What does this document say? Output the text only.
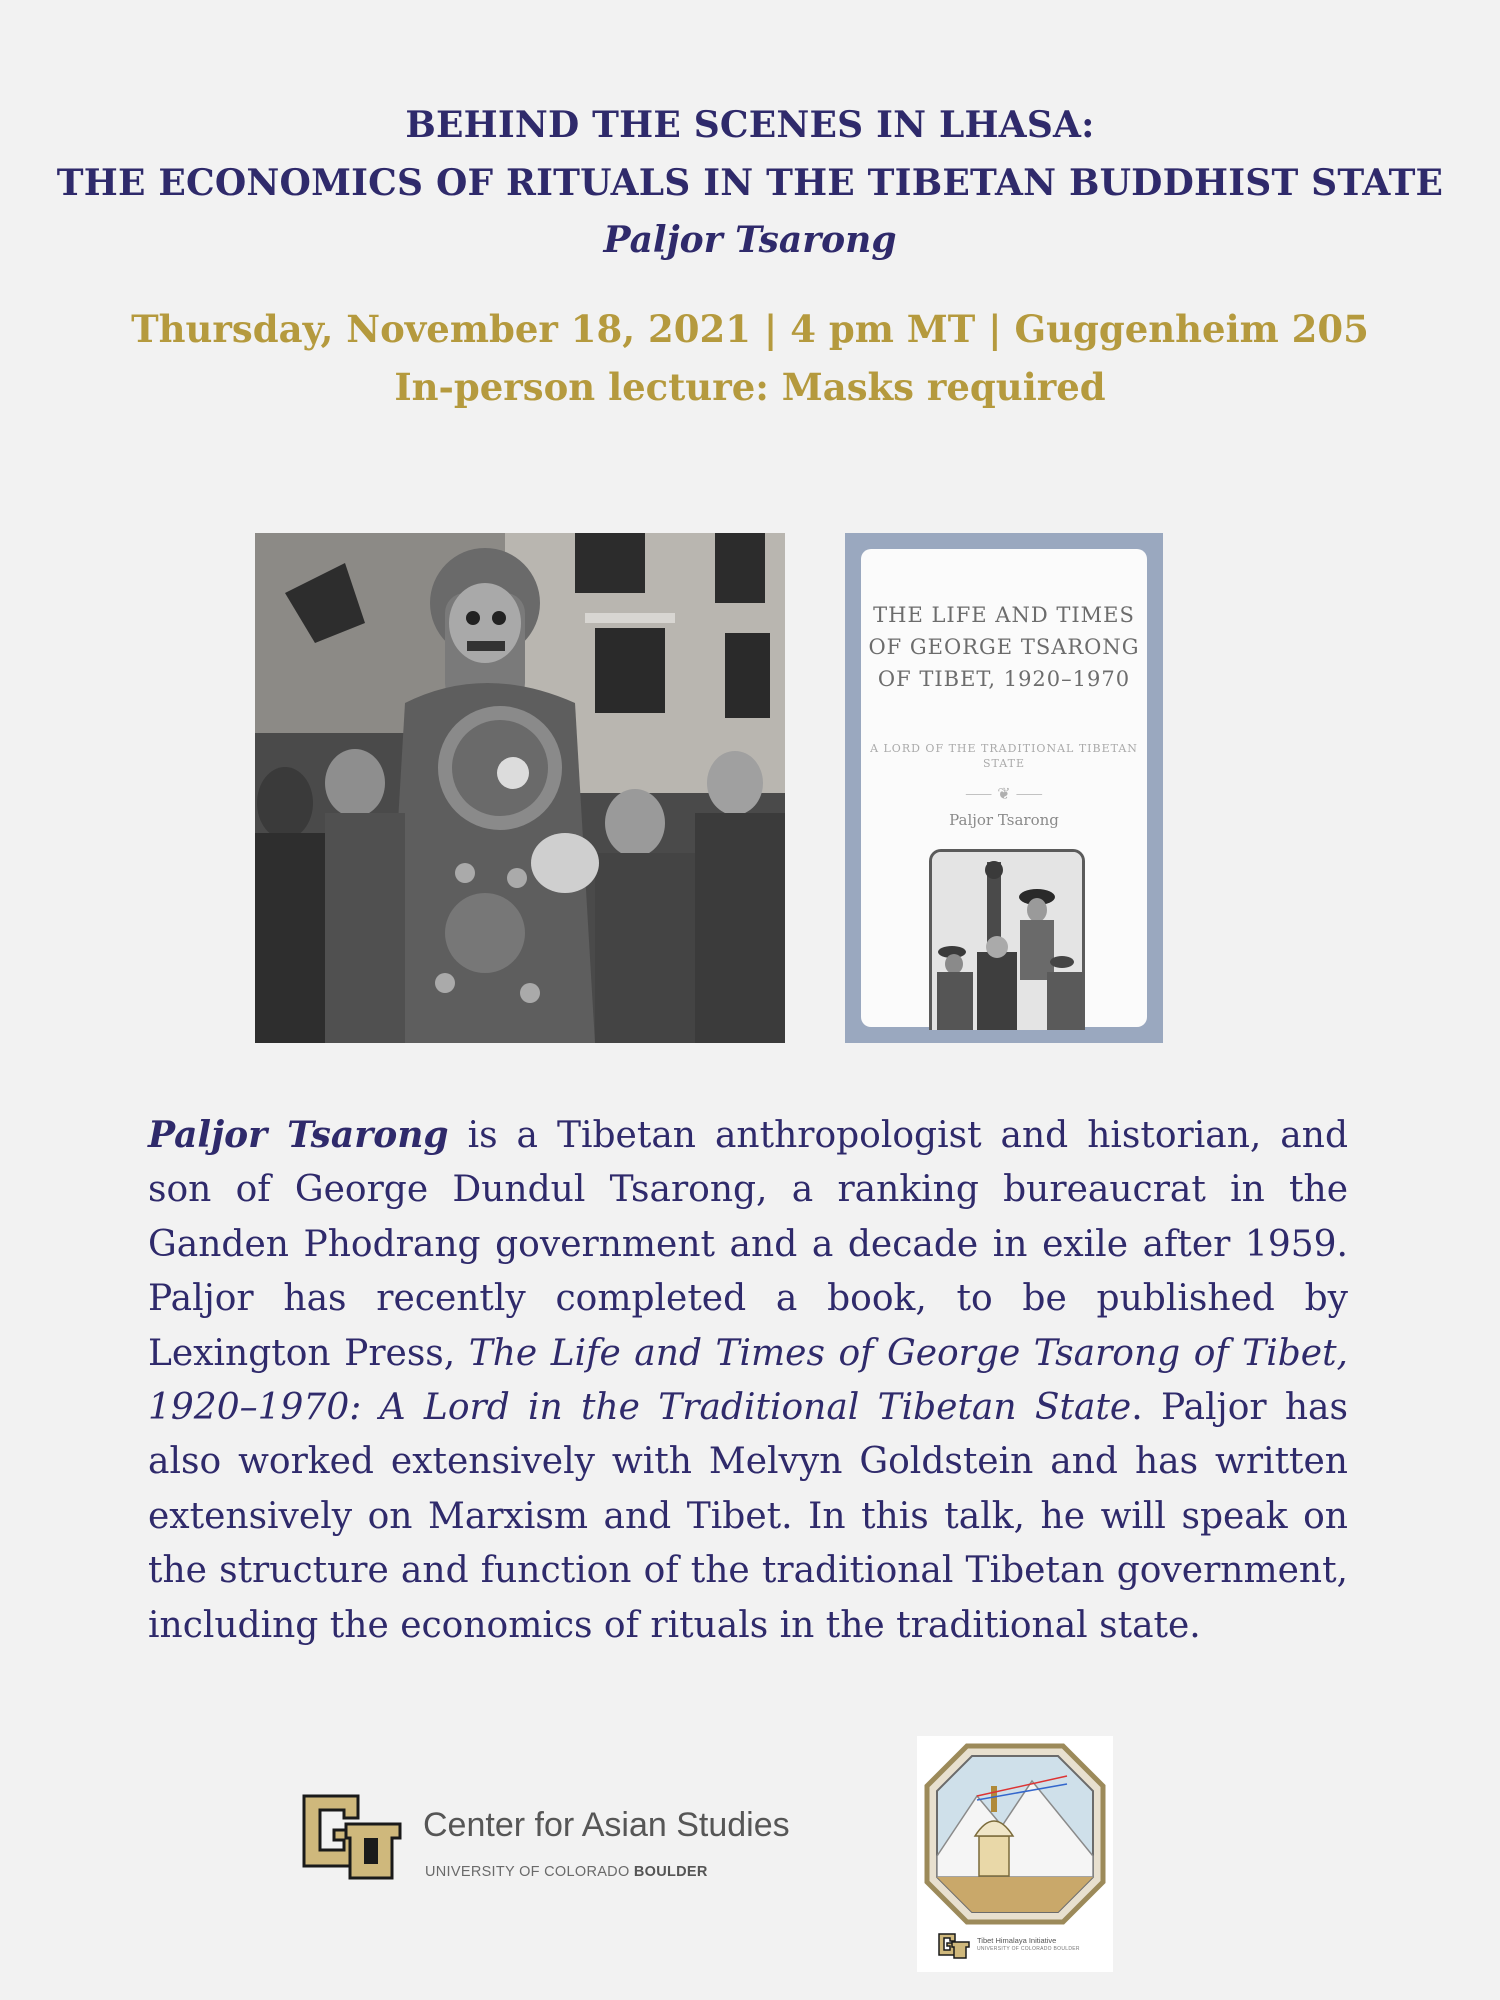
BEHIND THE SCENES IN LHASA:
THE ECONOMICS OF RITUALS IN THE TIBETAN BUDDHIST STATE
Paljor Tsarong
Thursday, November 18, 2021 | 4 pm MT | Guggenheim 205
In-person lecture: Masks required
THE LIFE AND TIMES OF GEORGE TSARONG OF TIBET, 1920–1970
A LORD OF THE TRADITIONAL TIBETAN STATE
⸺ ❦ ⸺
Paljor Tsarong
Paljor Tsarong is a Tibetan anthropologist and historian, and son of George Dundul Tsarong, a ranking bureaucrat in the Ganden Phodrang government and a decade in exile after 1959. Paljor has recently completed a book, to be published by Lexington Press, The Life and Times of George Tsarong of Tibet, 1920–1970: A Lord in the Traditional Tibetan State. Paljor has also worked extensively with Melvyn Goldstein and has written extensively on Marxism and Tibet. In this talk, he will speak on the structure and function of the traditional Tibetan government, including the economics of rituals in the traditional state.
Center for Asian Studies
UNIVERSITY OF COLORADO BOULDER
Tibet Himalaya Initiative
UNIVERSITY OF COLORADO BOULDER
